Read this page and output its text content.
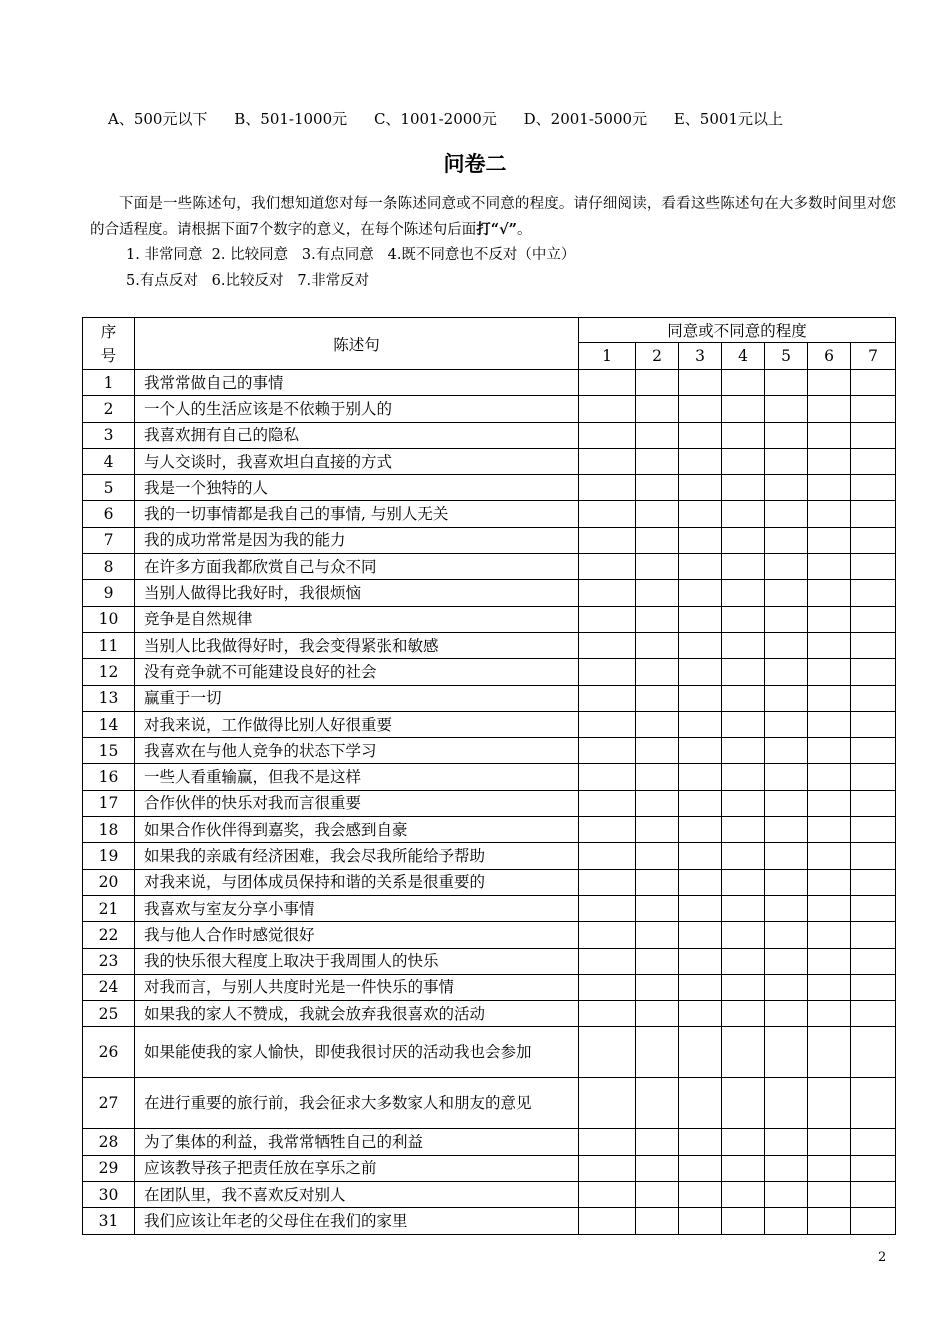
A、500元以下 B、501-1000元 C、1001-2000元 D、2001-5000元 E、5001元以上

问卷二

下面是一些陈述句，我们想知道您对每一条陈述同意或不同意的程度。请仔细阅读，看看这些陈述句在大多数时间里对您的合适程度。请根据下面7个数字的意义，在每个陈述句后面打“√”。

1. 非常同意  2. 比较同意   3.有点同意   4.既不同意也不反对（中立）

5.有点反对   6.比较反对   7.非常反对

序号	陈述句	同意或不同意的程度						
		1	2	3	4	5	6	7
1	我常常做自己的事情							
2	一个人的生活应该是不依赖于别人的							
3	我喜欢拥有自己的隐私							
4	与人交谈时，我喜欢坦白直接的方式							
5	我是一个独特的人							
6	我的一切事情都是我自己的事情, 与别人无关							
7	我的成功常常是因为我的能力							
8	在许多方面我都欣赏自己与众不同							
9	当别人做得比我好时，我很烦恼							
10	竞争是自然规律							
11	当别人比我做得好时，我会变得紧张和敏感							
12	没有竞争就不可能建设良好的社会							
13	赢重于一切							
14	对我来说，工作做得比别人好很重要							
15	我喜欢在与他人竞争的状态下学习							
16	一些人看重输赢，但我不是这样							
17	合作伙伴的快乐对我而言很重要							
18	如果合作伙伴得到嘉奖，我会感到自豪							
19	如果我的亲戚有经济困难，我会尽我所能给予帮助							
20	对我来说，与团体成员保持和谐的关系是很重要的							
21	我喜欢与室友分享小事情							
22	我与他人合作时感觉很好							
23	我的快乐很大程度上取决于我周围人的快乐							
24	对我而言，与别人共度时光是一件快乐的事情							
25	如果我的家人不赞成，我就会放弃我很喜欢的活动							
26	如果能使我的家人愉快，即使我很讨厌的活动我也会参加							
27	在进行重要的旅行前，我会征求大多数家人和朋友的意见							
28	为了集体的利益，我常常牺牲自己的利益							
29	应该教导孩子把责任放在享乐之前							
30	在团队里，我不喜欢反对别人							
31	我们应该让年老的父母住在我们的家里							

2
